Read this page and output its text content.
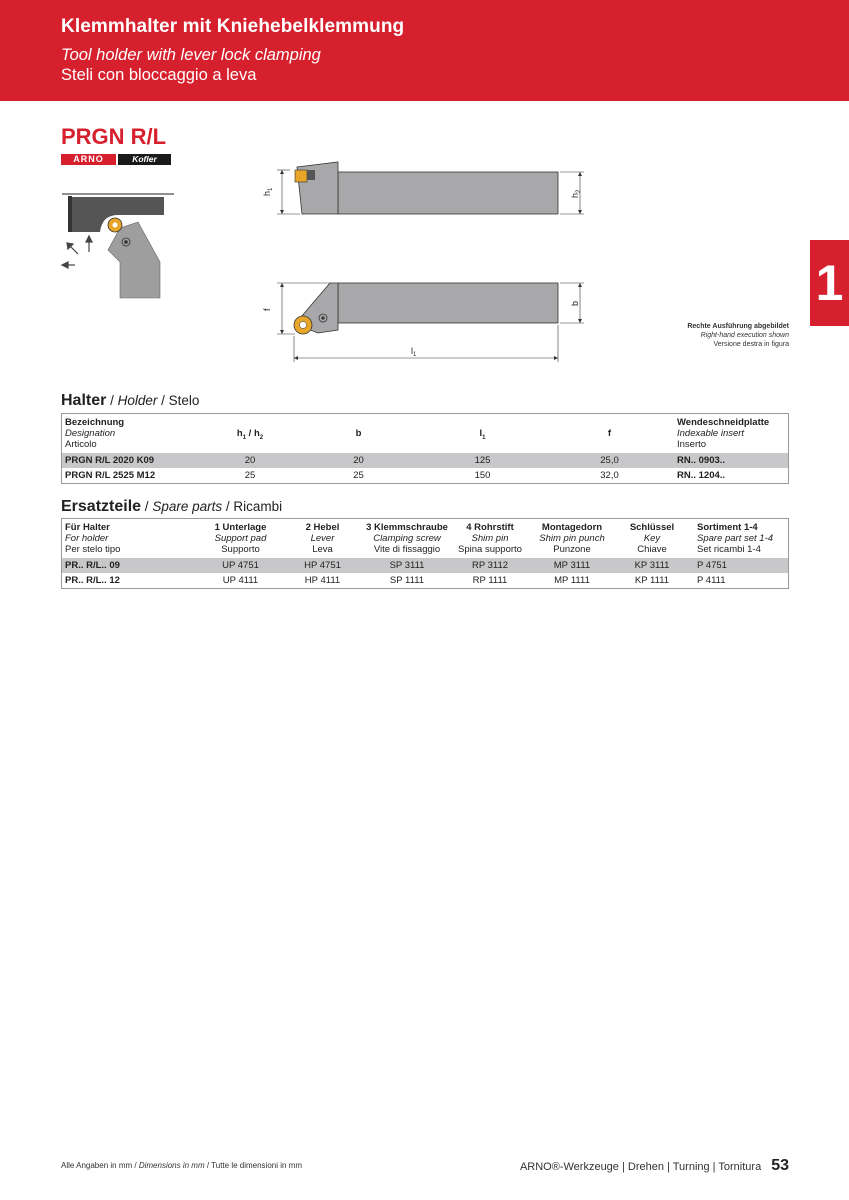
Klemmhalter mit Kniehebelklemmung
Tool holder with lever lock clamping
Steli con bloccaggio a leva
1
PRGN R/L
ARNO	Kofler
$h_1$
$h_2$
f
b
$l_1$
Rechte Ausführung abgebildet
Right-hand execution shown
Versione destra in figura
Halter / Holder / Stelo
Bezeichnung
Designation
Articolo
$h_1 / h_2$	b	$l_1$	f
Wendeschneidplatte
Indexable insert
Inserto
PRGN R/L 2020 K09	20	20	125	25,0	RN.. 0903..
PRGN R/L 2525 M12	25	25	150	32,0	RN.. 1204..
Ersatzteile / Spare parts / Ricambi
Für Halter
For holder
Per stelo tipo
1 Unterlage
Support pad
Supporto
2 Hebel
Lever
Leva
3 Klemmschraube
Clamping screw
Vite di fissaggio
4 Rohrstift
Shim pin
Spina supporto
Montagedorn
Shim pin punch
Punzone
Schlüssel
Key
Chiave
Sortiment 1-4
Spare part set 1-4
Set ricambi 1-4
PR.. R/L.. 09	UP 4751	HP 4751	SP 3111	RP 3112	MP 3111	KP 3111	P 4751
PR.. R/L.. 12	UP 4111	HP 4111	SP 1111	RP 1111	MP 1111	KP 1111	P 4111
Alle Angaben in mm / Dimensions in mm / Tutte le dimensioni in mm	ARNO®-Werkzeuge | Drehen | Turning | Tornitura 53
